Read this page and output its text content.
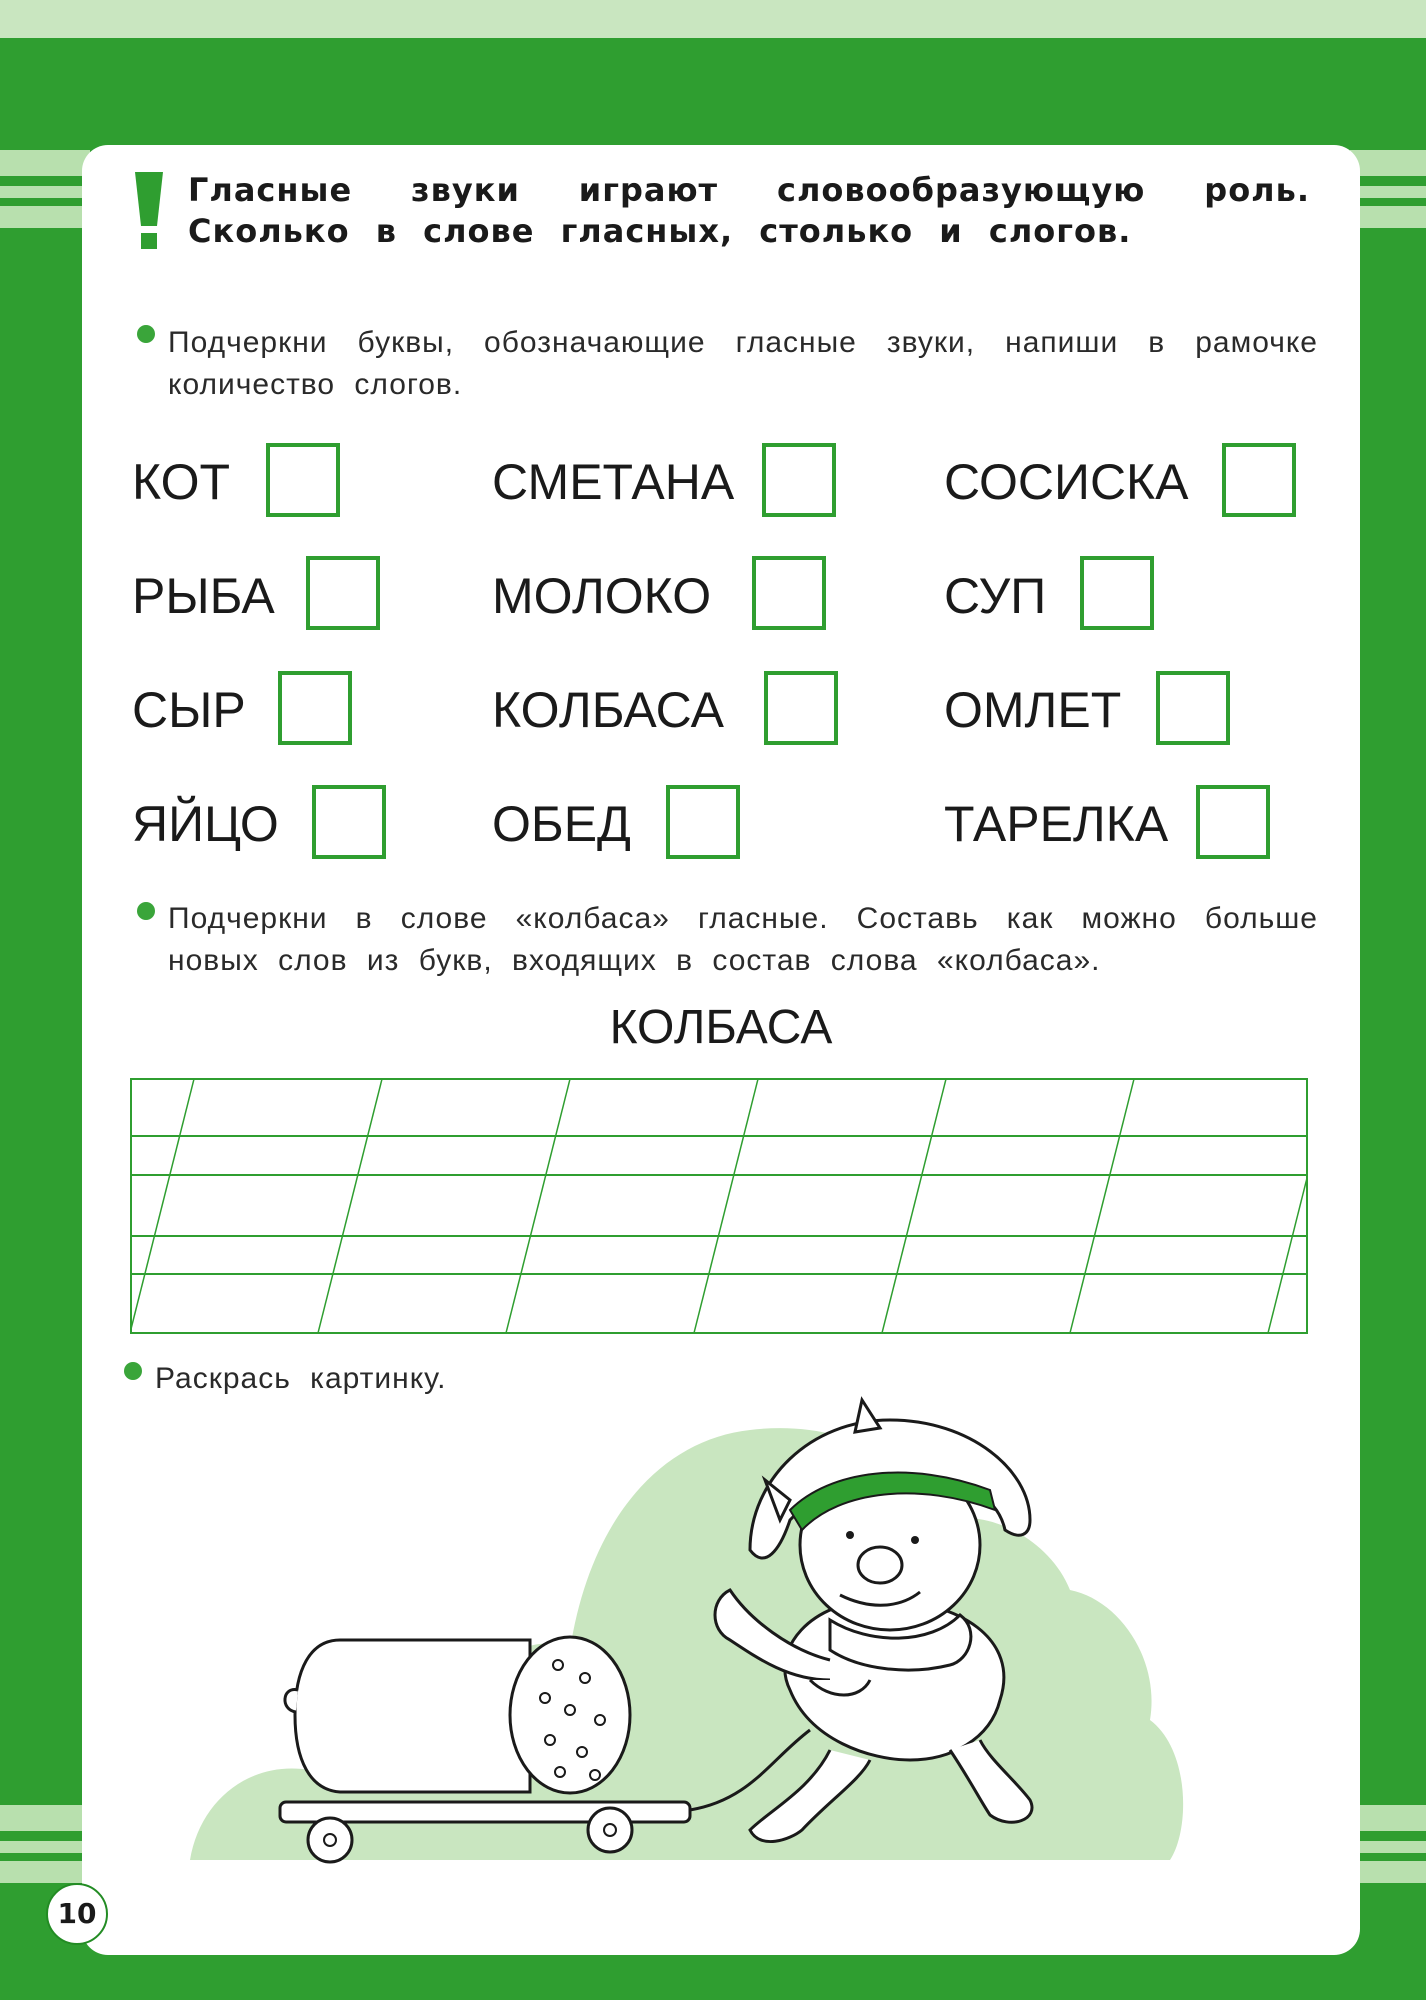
Гласные звуки играют словообразующую роль. Сколько в слове гласных, столько и слогов.
Подчеркни буквы, обозначающие гласные звуки, напиши в рамочке количество слогов.
КОТ	СМЕТАНА	СОСИСКА
РЫБА	МОЛОКО	СУП
СЫР	КОЛБАСА	ОМЛЕТ
ЯЙЦО	ОБЕД	ТАРЕЛКА
Подчеркни в слове «колбаса» гласные. Составь как можно больше новых слов из букв, входящих в состав слова «колбаса».
КОЛБАСА
Раскрась картинку.
10
